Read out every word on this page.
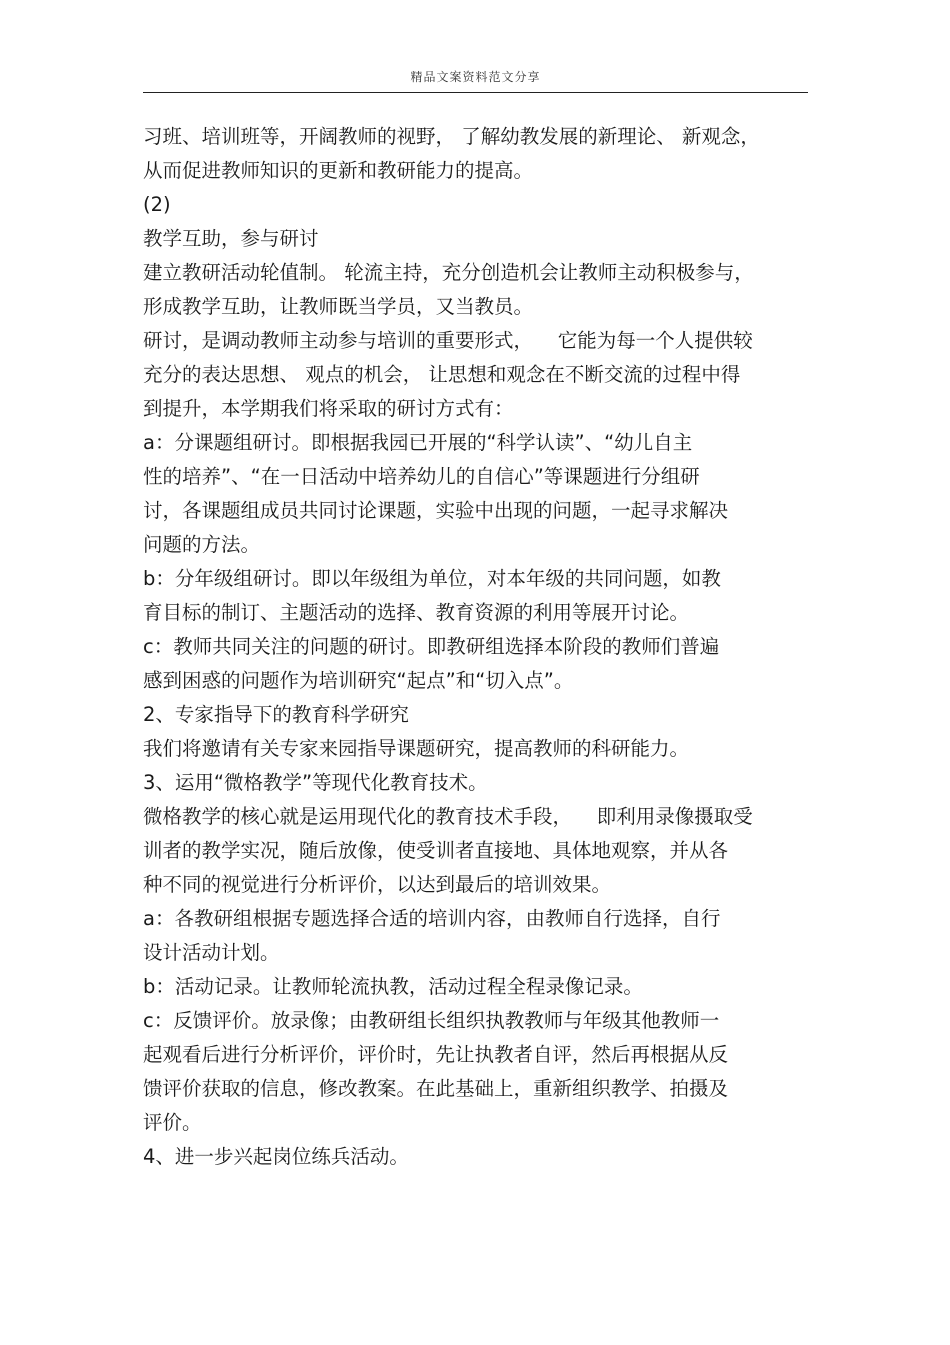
精品文案资料范文分享
习班、培训班等，开阔教师的视野， 了解幼教发展的新理论、 新观念，
从而促进教师知识的更新和教研能力的提高。
(2)
教学互助，参与研讨
建立教研活动轮值制。 轮流主持，充分创造机会让教师主动积极参与，
形成教学互助，让教师既当学员，又当教员。
研讨，是调动教师主动参与培训的重要形式，    它能为每一个人提供较
充分的表达思想、 观点的机会， 让思想和观念在不断交流的过程中得
到提升，本学期我们将采取的研讨方式有：
a：分课题组研讨。即根据我园已开展的“科学认读”、“幼儿自主
性的培养”、“在一日活动中培养幼儿的自信心”等课题进行分组研
讨，各课题组成员共同讨论课题，实验中出现的问题，一起寻求解决
问题的方法。
b：分年级组研讨。即以年级组为单位，对本年级的共同问题，如教
育目标的制订、主题活动的选择、教育资源的利用等展开讨论。
c：教师共同关注的问题的研讨。即教研组选择本阶段的教师们普遍
感到困惑的问题作为培训研究“起点”和“切入点”。
2、专家指导下的教育科学研究
我们将邀请有关专家来园指导课题研究，提高教师的科研能力。
3、运用“微格教学”等现代化教育技术。
微格教学的核心就是运用现代化的教育技术手段，    即利用录像摄取受
训者的教学实况，随后放像，使受训者直接地、具体地观察，并从各
种不同的视觉进行分析评价，以达到最后的培训效果。
a：各教研组根据专题选择合适的培训内容，由教师自行选择，自行
设计活动计划。
b：活动记录。让教师轮流执教，活动过程全程录像记录。
c：反馈评价。放录像；由教研组长组织执教教师与年级其他教师一
起观看后进行分析评价，评价时，先让执教者自评，然后再根据从反
馈评价获取的信息，修改教案。在此基础上，重新组织教学、拍摄及
评价。
4、进一步兴起岗位练兵活动。
